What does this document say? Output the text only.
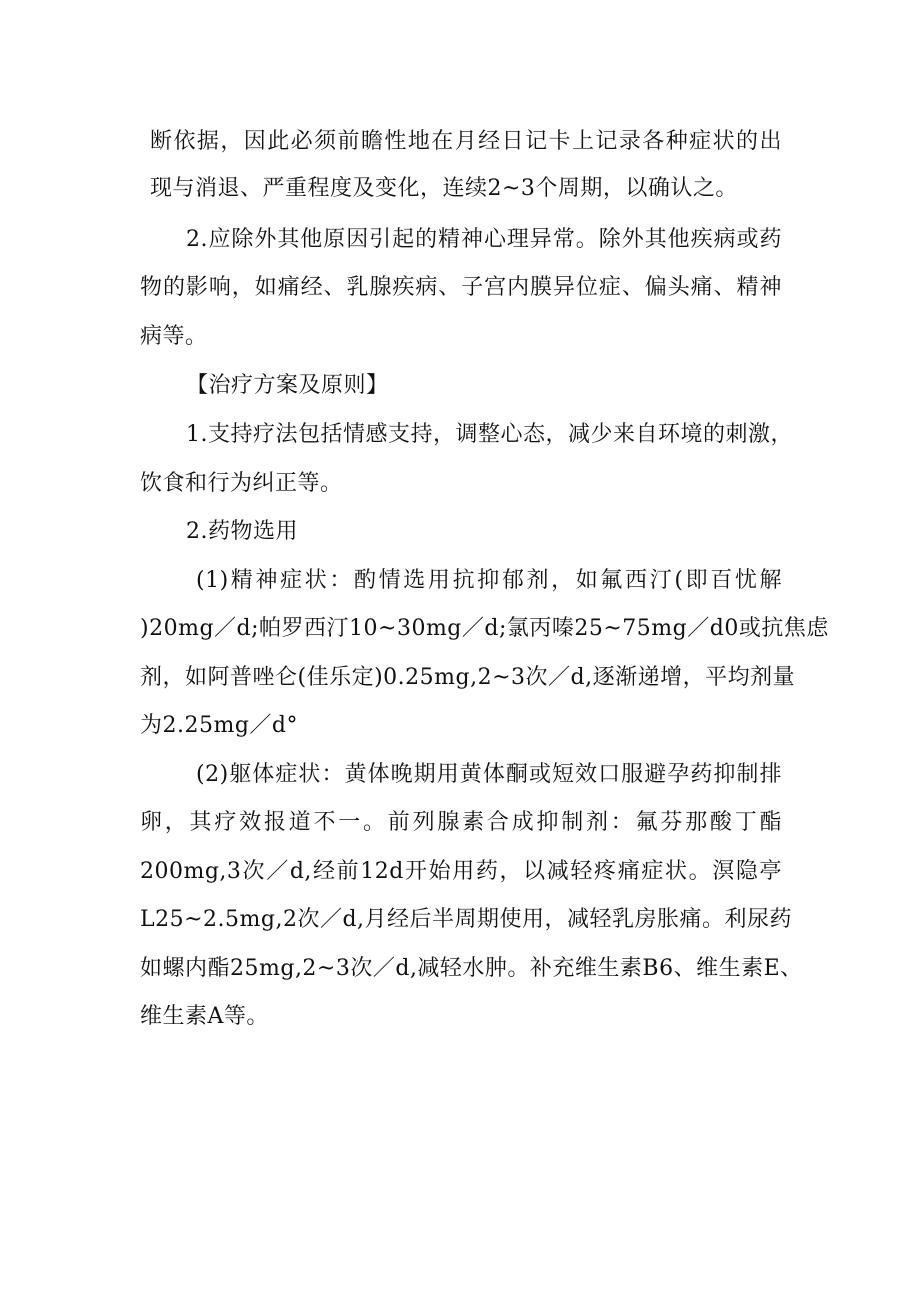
断依据，因此必须前瞻性地在月经日记卡上记录各种症状的出
现与消退、严重程度及变化，连续2~3个周期，以确认之。
2.应除外其他原因引起的精神心理异常。除外其他疾病或药
物的影响，如痛经、乳腺疾病、子宫内膜异位症、偏头痛、精神
病等。
【治疗方案及原则】
1.支持疗法包括情感支持，调整心态，减少来自环境的刺激，
饮食和行为纠正等。
2.药物选用
(1)精神症状：酌情选用抗抑郁剂，如氟西汀(即百忧解
)20mg／d;帕罗西汀10~30mg／d;氯丙嗪25~75mg／d0或抗焦虑
剂，如阿普唑仑(佳乐定)0.25mg,2~3次／d,逐渐递增，平均剂量
为2.25mg／d°
(2)躯体症状：黄体晚期用黄体酮或短效口服避孕药抑制排
卵，其疗效报道不一。前列腺素合成抑制剂：氟芬那酸丁酯
200mg,3次／d,经前12d开始用药，以减轻疼痛症状。溟隐亭
L25~2.5mg,2次／d,月经后半周期使用，减轻乳房胀痛。利尿药
如螺内酯25mg,2~3次／d,减轻水肿。补充维生素B6、维生素E、
维生素A等。
